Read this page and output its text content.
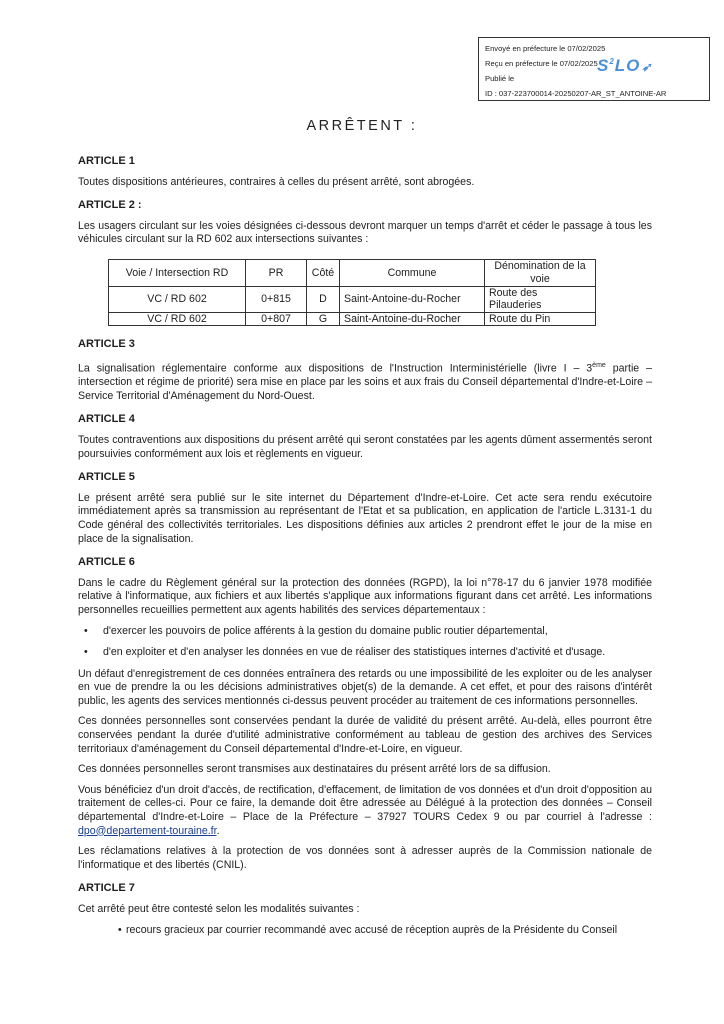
Envoyé en préfecture le 07/02/2025
Reçu en préfecture le 07/02/2025
Publié le
ID : 037-223700014-20250207-AR_ST_ANTOINE-AR
$S^2LO➶$
ARRÊTENT :
ARTICLE 1
Toutes dispositions antérieures, contraires à celles du présent arrêté, sont abrogées.
ARTICLE 2 :
Les usagers circulant sur les voies désignées ci-dessous devront marquer un temps d'arrêt et céder le passage à tous les véhicules circulant sur la RD 602 aux intersections suivantes :
Voie / Intersection RD	PR	Côté	Commune	Dénomination de la voie
VC / RD 602	0+815	D	Saint-Antoine-du-Rocher	Route des Pilauderies
VC / RD 602	0+807	G	Saint-Antoine-du-Rocher	Route du Pin
ARTICLE 3
La signalisation réglementaire conforme aux dispositions de l'Instruction Interministérielle (livre I – 3ème partie – intersection et régime de priorité) sera mise en place par les soins et aux frais du Conseil départemental d'Indre-et-Loire – Service Territorial d'Aménagement du Nord-Ouest.
ARTICLE 4
Toutes contraventions aux dispositions du présent arrêté qui seront constatées par les agents dûment assermentés seront poursuivies conformément aux lois et règlements en vigueur.
ARTICLE 5
Le présent arrêté sera publié sur le site internet du Département d'Indre-et-Loire. Cet acte sera rendu exécutoire immédiatement après sa transmission au représentant de l'Etat et sa publication, en application de l'article L.3131-1 du Code général des collectivités territoriales. Les dispositions définies aux articles 2 prendront effet le jour de la mise en place de la signalisation.
ARTICLE 6
Dans le cadre du Règlement général sur la protection des données (RGPD), la loi n°78-17 du 6 janvier 1978 modifiée relative à l'informatique, aux fichiers et aux libertés s'applique aux informations figurant dans cet arrêté. Les informations personnelles recueillies permettent aux agents habilités des services départementaux :
• d'exercer les pouvoirs de police afférents à la gestion du domaine public routier départemental,
• d'en exploiter et d'en analyser les données en vue de réaliser des statistiques internes d'activité et d'usage.
Un défaut d'enregistrement de ces données entraînera des retards ou une impossibilité de les exploiter ou de les analyser en vue de prendre la ou les décisions administratives objet(s) de la demande. A cet effet, et pour des raisons d'intérêt public, les agents des services mentionnés ci-dessus peuvent procéder au traitement de ces informations personnelles.
Ces données personnelles sont conservées pendant la durée de validité du présent arrêté. Au-delà, elles pourront être conservées pendant la durée d'utilité administrative conformément au tableau de gestion des archives des Services territoriaux d'aménagement du Conseil départemental d'Indre-et-Loire, en vigueur.
Ces données personnelles seront transmises aux destinataires du présent arrêté lors de sa diffusion.
Vous bénéficiez d'un droit d'accès, de rectification, d'effacement, de limitation de vos données et d'un droit d'opposition au traitement de celles-ci. Pour ce faire, la demande doit être adressée au Délégué à la protection des données – Conseil départemental d'Indre-et-Loire – Place de la Préfecture – 37927 TOURS Cedex 9 ou par courriel à l'adresse : dpo@departement-touraine.fr.
Les réclamations relatives à la protection de vos données sont à adresser auprès de la Commission nationale de l'informatique et des libertés (CNIL).
ARTICLE 7
Cet arrêté peut être contesté selon les modalités suivantes :
• recours gracieux par courrier recommandé avec accusé de réception auprès de la Présidente du Conseil
